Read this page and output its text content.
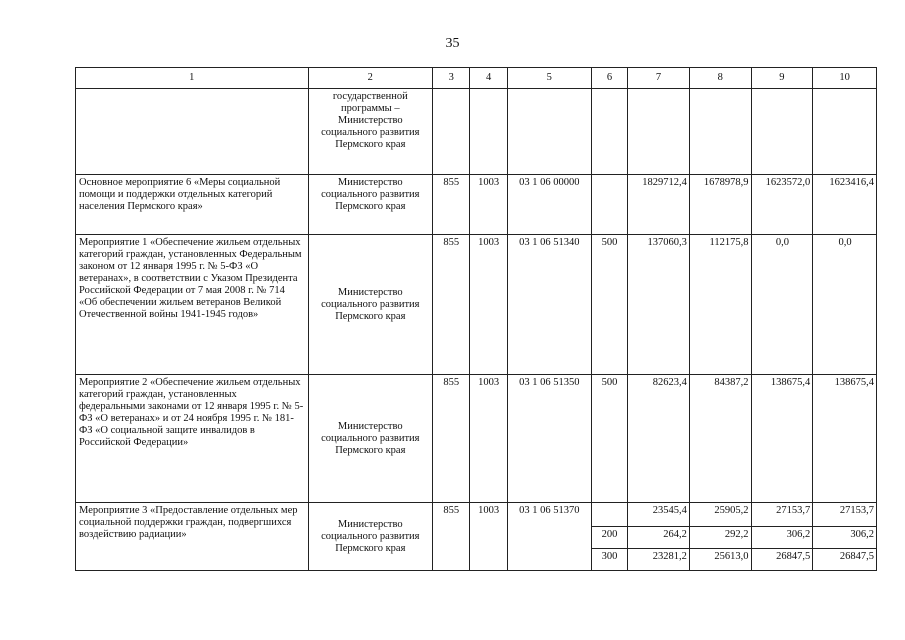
35
1	2	3	4	5	6	7	8	9	10
	государственной программы – Министерство социального развития Пермского края								
Основное мероприятие 6 «Меры социальной помощи и поддержки отдельных категорий населения Пермского края»	Министерство социального развития Пермского края	855	1003	03 1 06 00000		1829712,4	1678978,9	1623572,0	1623416,4
Мероприятие 1 «Обеспечение жильем отдельных категорий граждан, установленных Федеральным законом от 12 января 1995 г. № 5-ФЗ «О ветеранах», в соответствии с Указом Президента Российской Федерации от 7 мая 2008 г. № 714 «Об обеспечении жильем ветеранов Великой Отечественной войны 1941-1945 годов»	Министерство социального развития Пермского края	855	1003	03 1 06 51340	500	137060,3	112175,8	0,0	0,0
Мероприятие 2 «Обеспечение жильем отдельных категорий граждан, установленных федеральными законами от 12 января 1995 г. № 5-ФЗ «О ветеранах» и от 24 ноября 1995 г. № 181-ФЗ «О социальной защите инвалидов в Российской Федерации»	Министерство социального развития Пермского края	855	1003	03 1 06 51350	500	82623,4	84387,2	138675,4	138675,4
Мероприятие 3 «Предоставление отдельных мер социальной поддержки граждан, подвергшихся воздействию радиации»	Министерство социального развития Пермского края	855	1003	03 1 06 51370		23545,4	25905,2	27153,7	27153,7
					200	264,2	292,2	306,2	306,2
					300	23281,2	25613,0	26847,5	26847,5
